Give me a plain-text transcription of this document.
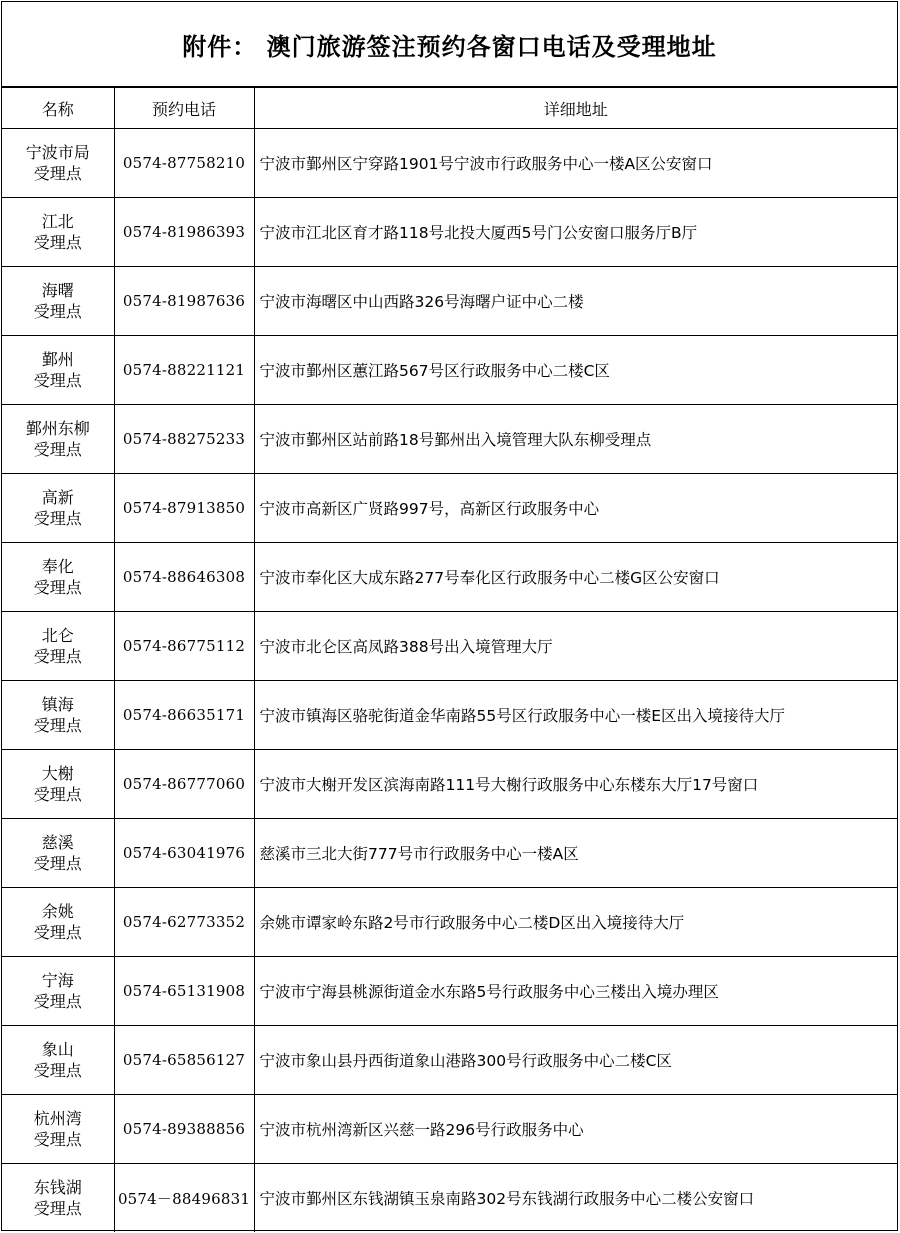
附件： 澳门旅游签注预约各窗口电话及受理地址
名称	预约电话	详细地址

宁波市局
受理点	0574-87758210	宁波市鄞州区宁穿路1901号宁波市行政服务中心一楼A区公安窗口

江北
受理点	0574-81986393	宁波市江北区育才路118号北投大厦西5号门公安窗口服务厅B厅

海曙
受理点	0574-81987636	宁波市海曙区中山西路326号海曙户证中心二楼

鄞州
受理点	0574-88221121	宁波市鄞州区蕙江路567号区行政服务中心二楼C区

鄞州东柳
受理点	0574-88275233	宁波市鄞州区站前路18号鄞州出入境管理大队东柳受理点

高新
受理点	0574-87913850	宁波市高新区广贤路997号，高新区行政服务中心

奉化
受理点	0574-88646308	宁波市奉化区大成东路277号奉化区行政服务中心二楼G区公安窗口

北仑
受理点	0574-86775112	宁波市北仑区高凤路388号出入境管理大厅

镇海
受理点	0574-86635171	宁波市镇海区骆驼街道金华南路55号区行政服务中心一楼E区出入境接待大厅

大榭
受理点	0574-86777060	宁波市大榭开发区滨海南路111号大榭行政服务中心东楼东大厅17号窗口

慈溪
受理点	0574-63041976	慈溪市三北大街777号市行政服务中心一楼A区

余姚
受理点	0574-62773352	余姚市谭家岭东路2号市行政服务中心二楼D区出入境接待大厅

宁海
受理点	0574-65131908	宁波市宁海县桃源街道金水东路5号行政服务中心三楼出入境办理区

象山
受理点	0574-65856127	宁波市象山县丹西街道象山港路300号行政服务中心二楼C区

杭州湾
受理点	0574-89388856	宁波市杭州湾新区兴慈一路296号行政服务中心

东钱湖
受理点	0574－88496831	宁波市鄞州区东钱湖镇玉泉南路302号东钱湖行政服务中心二楼公安窗口
